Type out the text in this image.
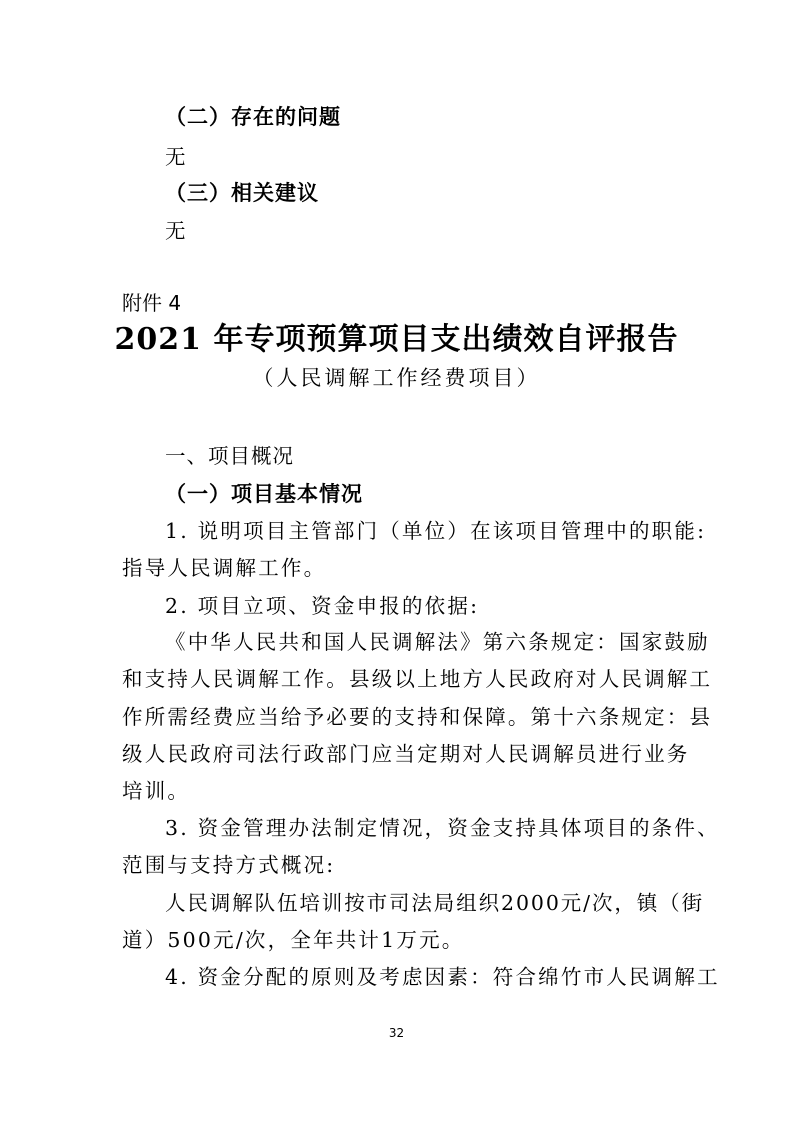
（二）存在的问题
无
（三）相关建议
无
附件 4
2021 年专项预算项目支出绩效自评报告
（人民调解工作经费项目）
一、项目概况
（一）项目基本情况
1. 说明项目主管部门（单位）在该项目管理中的职能:
指导人民调解工作。
2. 项目立项、资金申报的依据:
《中华人民共和国人民调解法》第六条规定：国家鼓励
和支持人民调解工作。县级以上地方人民政府对人民调解工
作所需经费应当给予必要的支持和保障。第十六条规定：县
级人民政府司法行政部门应当定期对人民调解员进行业务
培训。
3. 资金管理办法制定情况，资金支持具体项目的条件、
范围与支持方式概况:
人民调解队伍培训按市司法局组织2000元/次，镇（街
道）500元/次，全年共计1万元。
4. 资金分配的原则及考虑因素：符合绵竹市人民调解工
32
